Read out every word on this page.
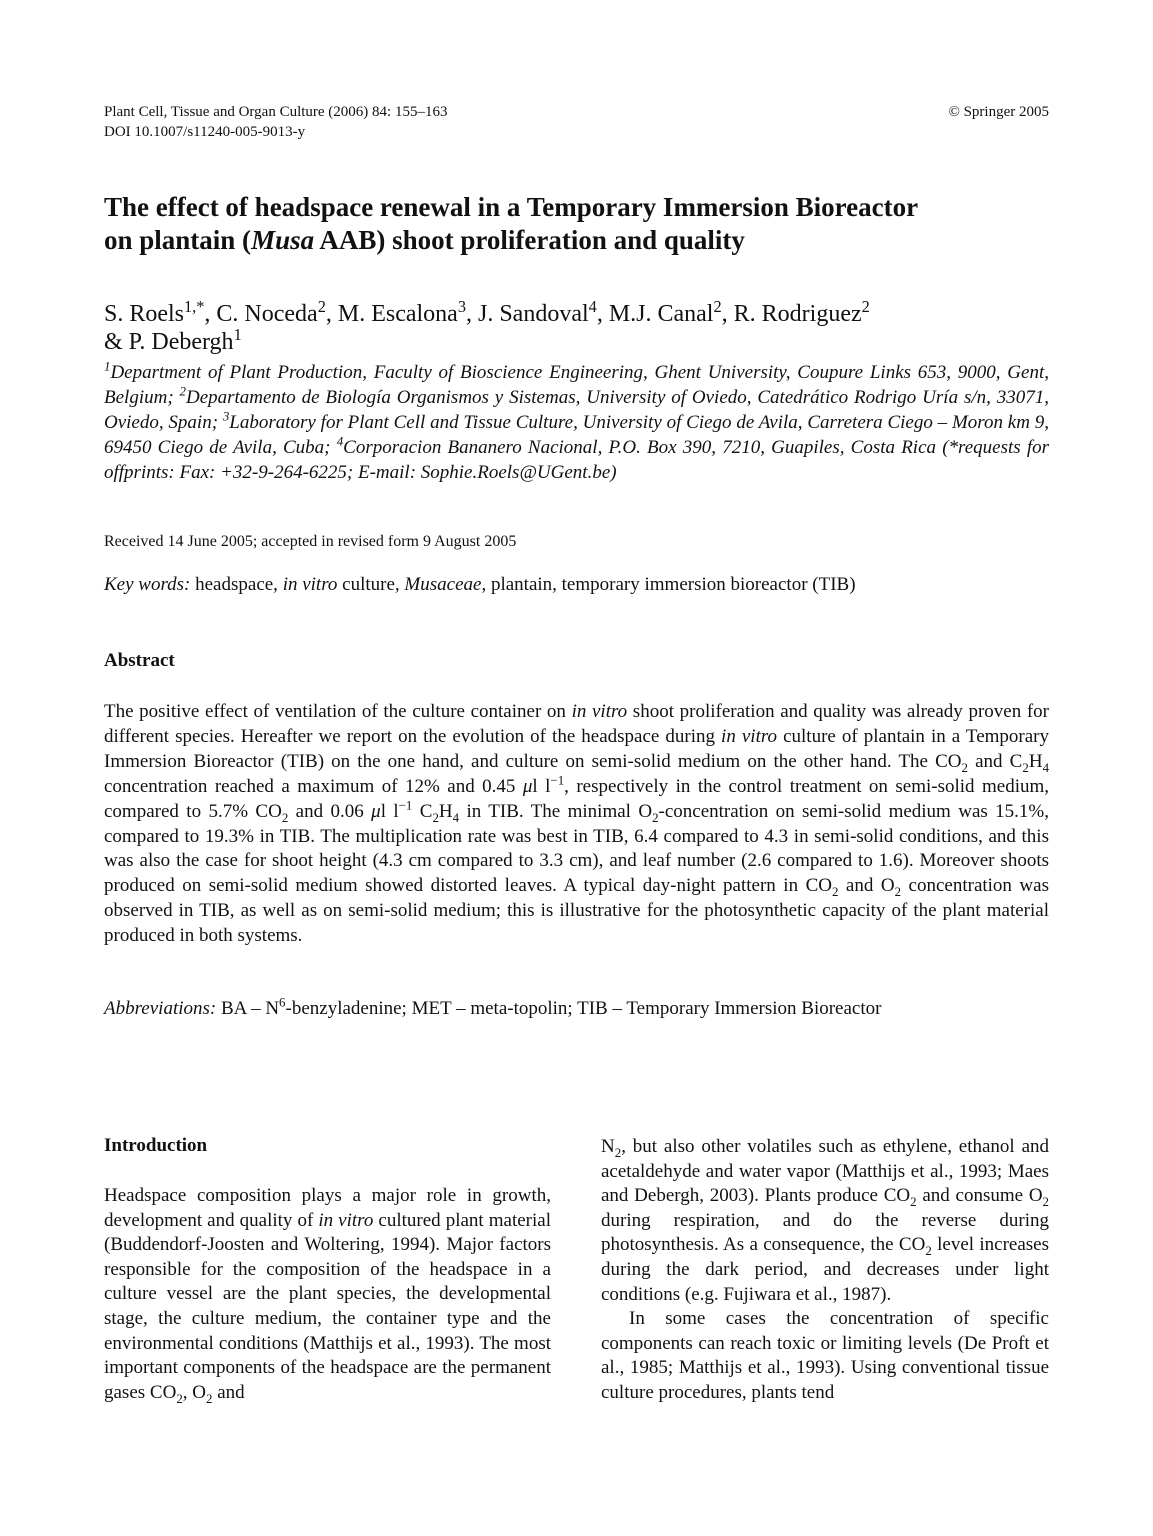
Plant Cell, Tissue and Organ Culture (2006) 84: 155–163
DOI 10.1007/s11240-005-9013-y
© Springer 2005
The effect of headspace renewal in a Temporary Immersion Bioreactor
on plantain (Musa AAB) shoot proliferation and quality
S. Roels$^{1,*}$, C. Noceda$^2$, M. Escalona$^3$, J. Sandoval$^4$, M.J. Canal$^2$, R. Rodriguez$^2$
& P. Debergh$^1$
$^1$Department of Plant Production, Faculty of Bioscience Engineering, Ghent University, Coupure Links 653, 9000, Gent, Belgium; $^2$Departamento de Biología Organismos y Sistemas, University of Oviedo, Catedrático Rodrigo Uría s/n, 33071, Oviedo, Spain; $^3$Laboratory for Plant Cell and Tissue Culture, University of Ciego de Avila, Carretera Ciego – Moron km 9, 69450 Ciego de Avila, Cuba; $^4$Corporacion Bananero Nacional, P.O. Box 390, 7210, Guapiles, Costa Rica (*requests for offprints: Fax: +32-9-264-6225; E-mail: Sophie.Roels@UGent.be)
Received 14 June 2005; accepted in revised form 9 August 2005
Key words: headspace, in vitro culture, Musaceae, plantain, temporary immersion bioreactor (TIB)
Abstract
The positive effect of ventilation of the culture container on in vitro shoot proliferation and quality was already proven for different species. Hereafter we report on the evolution of the headspace during in vitro culture of plantain in a Temporary Immersion Bioreactor (TIB) on the one hand, and culture on semi-solid medium on the other hand. The $CO_2$ and $C_2H_4$ concentration reached a maximum of 12% and 0.45 μl $l^{-1}$, respectively in the control treatment on semi-solid medium, compared to 5.7% $CO_2$ and 0.06 μl $l^{-1}$ $C_2H_4$ in TIB. The minimal $O_2$-concentration on semi-solid medium was 15.1%, compared to 19.3% in TIB. The multiplication rate was best in TIB, 6.4 compared to 4.3 in semi-solid conditions, and this was also the case for shoot height (4.3 cm compared to 3.3 cm), and leaf number (2.6 compared to 1.6). Moreover shoots produced on semi-solid medium showed distorted leaves. A typical day-night pattern in $CO_2$ and $O_2$ concentration was observed in TIB, as well as on semi-solid medium; this is illustrative for the photosynthetic capacity of the plant material produced in both systems.
Abbreviations: BA – $N^6$-benzyladenine; MET – meta-topolin; TIB – Temporary Immersion Bioreactor
Introduction

Headspace composition plays a major role in growth, development and quality of in vitro cultured plant material (Buddendorf-Joosten and Woltering, 1994). Major factors responsible for the composition of the headspace in a culture vessel are the plant species, the developmental stage, the culture medium, the container type and the environmental conditions (Matthijs et al., 1993). The most important components of the headspace are the permanent gases $CO_2$, $O_2$ and

$N_2$, but also other volatiles such as ethylene, ethanol and acetaldehyde and water vapor (Matthijs et al., 1993; Maes and Debergh, 2003). Plants produce $CO_2$ and consume $O_2$ during respiration, and do the reverse during photosynthesis. As a consequence, the $CO_2$ level increases during the dark period, and decreases under light conditions (e.g. Fujiwara et al., 1987).

In some cases the concentration of specific components can reach toxic or limiting levels (De Proft et al., 1985; Matthijs et al., 1993). Using conventional tissue culture procedures, plants tend
